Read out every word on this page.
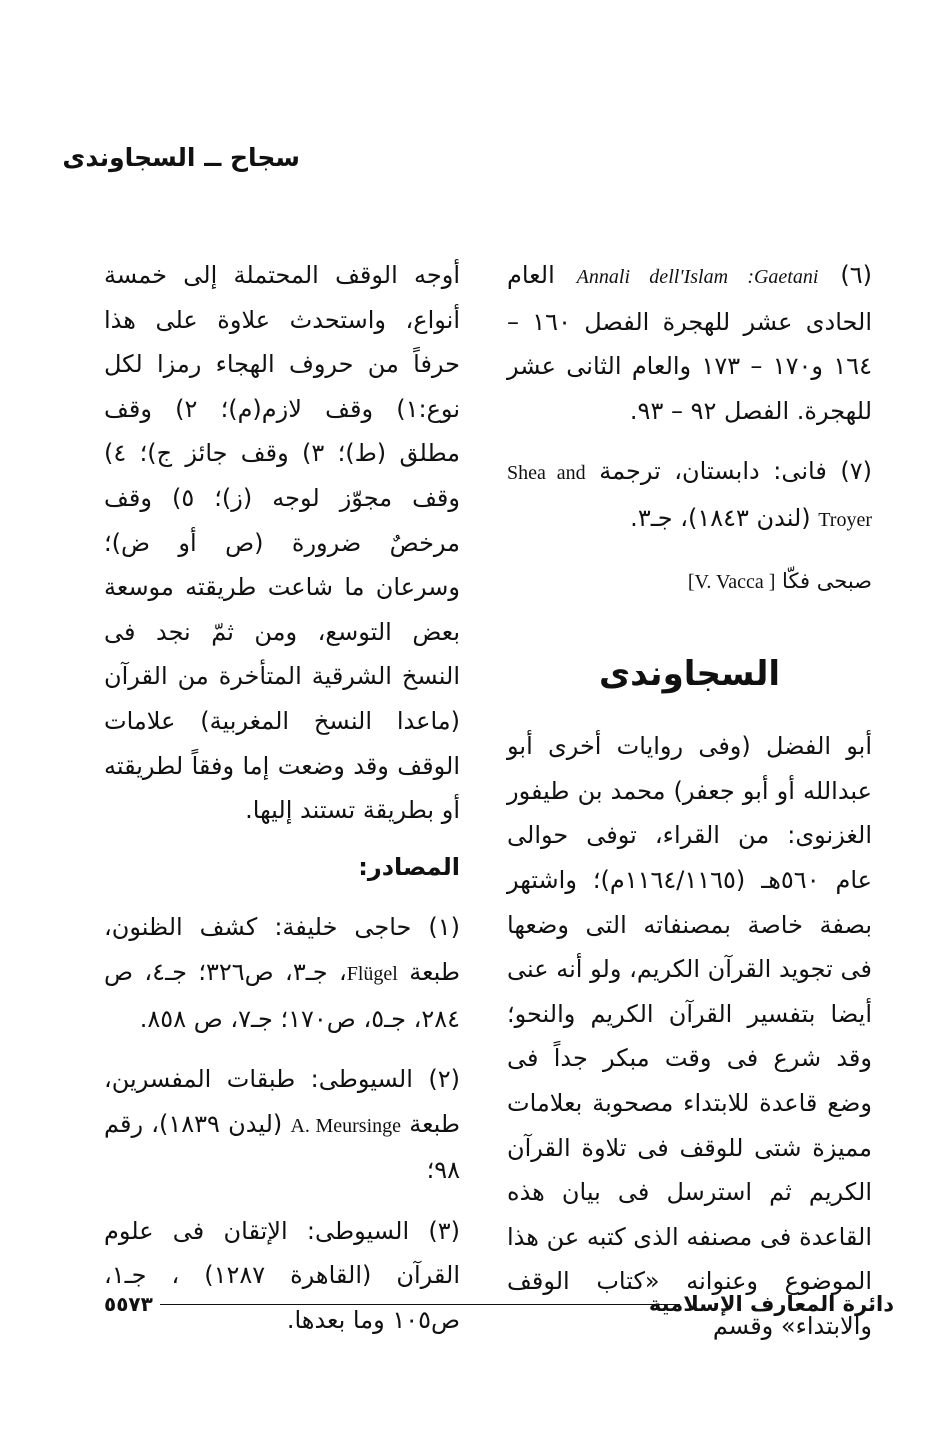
سجاح ــ السجاوندى

(٦) Annali dell'Islam :Gaetani العام الحادى عشر للهجرة الفصل ١٦٠ – ١٦٤ و١٧٠ – ١٧٣ والعام الثانى عشر للهجرة. الفصل ٩٢ – ٩٣.

(٧) فانى: دابستان، ترجمة Shea and Troyer (لندن ١٨٤٣)، جـ٣.

صبحى فكّا [V. Vacca ]

السجاوندى

أبو الفضل (وفى روايات أخرى أبو عبدالله أو أبو جعفر) محمد بن طيفور الغزنوى: من القراء، توفى حوالى عام ٥٦٠هـ (١١٦٤/١١٦٥م)؛ واشتهر بصفة خاصة بمصنفاته التى وضعها فى تجويد القرآن الكريم، ولو أنه عنى أيضا بتفسير القرآن الكريم والنحو؛ وقد شرع فى وقت مبكر جداً فى وضع قاعدة للابتداء مصحوبة بعلامات مميزة شتى للوقف فى تلاوة القرآن الكريم ثم استرسل فى بيان هذه القاعدة فى مصنفه الذى كتبه عن هذا الموضوع وعنوانه «كتاب الوقف والابتداء» وقسم

أوجه الوقف المحتملة إلى خمسة أنواع، واستحدث علاوة على هذا حرفاً من حروف الهجاء رمزا لكل نوع:١) وقف لازم(م)؛ ٢) وقف مطلق (ط)؛ ٣) وقف جائز ج)؛ ٤) وقف مجوّز لوجه (ز)؛ ٥) وقف مرخصٌ ضرورة (ص أو ض)؛ وسرعان ما شاعت طريقته موسعة بعض التوسع، ومن ثمّ نجد فى النسخ الشرقية المتأخرة من القرآن (ماعدا النسخ المغربية) علامات الوقف وقد وضعت إما وفقاً لطريقته أو بطريقة تستند إليها.

المصادر:

(١) حاجى خليفة: كشف الظنون، طبعة Flügel، جـ٣، ص٣٢٦؛ جـ٤، ص ٢٨٤، جـ٥، ص١٧٠؛ جـ٧، ص ٨٥٨.

(٢) السيوطى: طبقات المفسرين، طبعة A. Meursinge (ليدن ١٨٣٩)، رقم ٩٨؛

(٣) السيوطى: الإتقان فى علوم القرآن (القاهرة ١٢٨٧) ، جـ١، ص١٠٥ وما بعدها.

دائرة المعارف الإسلامية
٥٥٧٣
